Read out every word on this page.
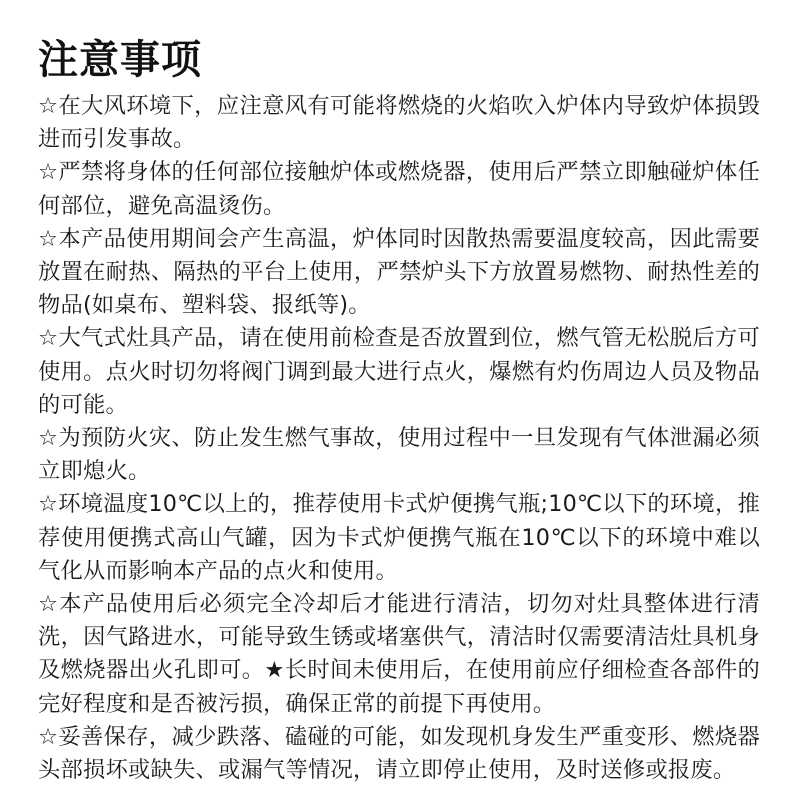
注意事项

☆在大风环境下，应注意风有可能将燃烧的火焰吹入炉体内导致炉体损毁进而引发事故。

☆严禁将身体的任何部位接触炉体或燃烧器，使用后严禁立即触碰炉体任何部位，避免高温烫伤。

☆本产品使用期间会产生高温，炉体同时因散热需要温度较高，因此需要放置在耐热、隔热的平台上使用，严禁炉头下方放置易燃物、耐热性差的物品(如桌布、塑料袋、报纸等)。

☆大气式灶具产品，请在使用前检查是否放置到位，燃气管无松脱后方可使用。点火时切勿将阀门调到最大进行点火，爆燃有灼伤周边人员及物品的可能。

☆为预防火灾、防止发生燃气事故，使用过程中一旦发现有气体泄漏必须立即熄火。

☆环境温度10℃以上的，推荐使用卡式炉便携气瓶;10℃以下的环境，推荐使用便携式高山气罐，因为卡式炉便携气瓶在10℃以下的环境中难以气化从而影响本产品的点火和使用。

☆本产品使用后必须完全冷却后才能进行清洁，切勿对灶具整体进行清洗，因气路进水，可能导致生锈或堵塞供气，清洁时仅需要清洁灶具机身及燃烧器出火孔即可。★长时间未使用后，在使用前应仔细检查各部件的完好程度和是否被污损，确保正常的前提下再使用。

☆妥善保存，减少跌落、磕碰的可能，如发现机身发生严重变形、燃烧器头部损坏或缺失、或漏气等情况，请立即停止使用，及时送修或报废。
